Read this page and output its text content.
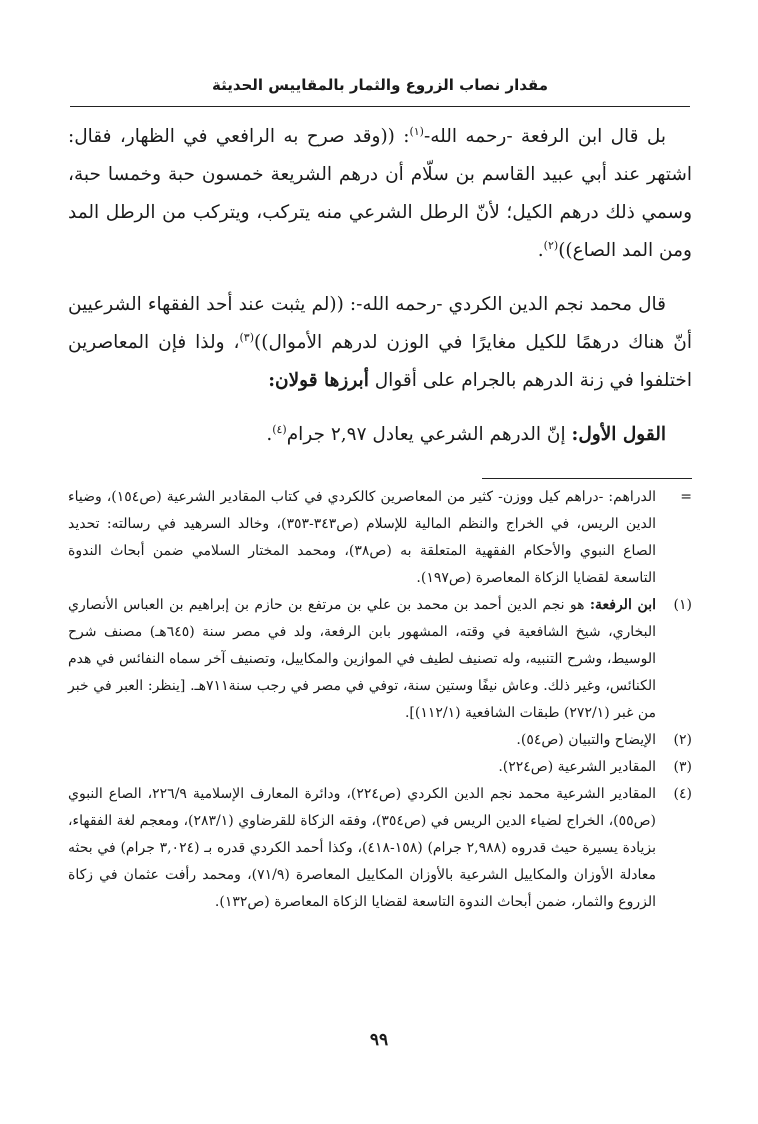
مقدار نصاب الزروع والثمار بالمقاييس الحديثة

بل قال ابن الرفعة -رحمه الله-$^{(١)}$: ((وقد صرح به الرافعي في الظهار، فقال: اشتهر عند أبي عبيد القاسم بن سلّام أن درهم الشريعة خمسون حبة وخمسا حبة، وسمي ذلك درهم الكيل؛ لأنّ الرطل الشرعي منه يتركب، ويتركب من الرطل المد ومن المد الصاع))$^{(٢)}$.

قال محمد نجم الدين الكردي -رحمه الله-: ((لم يثبت عند أحد الفقهاء الشرعيين أنّ هناك درهمًا للكيل مغايرًا في الوزن لدرهم الأموال))$^{(٣)}$، ولذا فإن المعاصرين اختلفوا في زنة الدرهم بالجرام على أقوال أبرزها قولان:

القول الأول: إنّ الدرهم الشرعي يعادل ٢,٩٧ جرام$^{(٤)}$.

=
الدراهم: -دراهم كيل ووزن- كثير من المعاصرين كالكردي في كتاب المقادير الشرعية (ص١٥٤)، وضياء الدين الريس، في الخراج والنظم المالية للإسلام (ص٣٤٣-٣٥٣)، وخالد السرهيد في رسالته: تحديد الصاع النبوي والأحكام الفقهية المتعلقة به (ص٣٨)، ومحمد المختار السلامي ضمن أبحاث الندوة التاسعة لقضايا الزكاة المعاصرة (ص١٩٧).
(١)
ابن الرفعة: هو نجم الدين أحمد بن محمد بن علي بن مرتفع بن حازم بن إبراهيم بن العباس الأنصاري البخاري، شيخ الشافعية في وقته، المشهور بابن الرفعة، ولد في مصر سنة (٦٤٥هـ) مصنف شرح الوسيط، وشرح التنبيه، وله تصنيف لطيف في الموازين والمكاييل، وتصنيف آخر سماه النفائس في هدم الكنائس، وغير ذلك. وعاش نيفًا وستين سنة، توفي في مصر في رجب سنة٧١١هـ. [ينظر: العبر في خبر من غبر (٢٧٢/١) طبقات الشافعية (١١٢/١)].
(٢)
الإيضاح والتبيان (ص٥٤).
(٣)
المقادير الشرعية (ص٢٢٤).
(٤)
المقادير الشرعية محمد نجم الدين الكردي (ص٢٢٤)، ودائرة المعارف الإسلامية ٢٢٦/٩، الصاع النبوي (ص٥٥)، الخراج لضياء الدين الريس في (ص٣٥٤)، وفقه الزكاة للقرضاوي (٢٨٣/١)، ومعجم لغة الفقهاء، بزيادة يسيرة حيث قدروه (٢,٩٨٨ جرام) (١٥٨-٤١٨)، وكذا أحمد الكردي قدره بـ (٣,٠٢٤ جرام) في بحثه معادلة الأوزان والمكاييل الشرعية بالأوزان المكاييل المعاصرة (٧١/٩)، ومحمد رأفت عثمان في زكاة الزروع والثمار، ضمن أبحاث الندوة التاسعة لقضايا الزكاة المعاصرة (ص١٣٢).
٩٩
